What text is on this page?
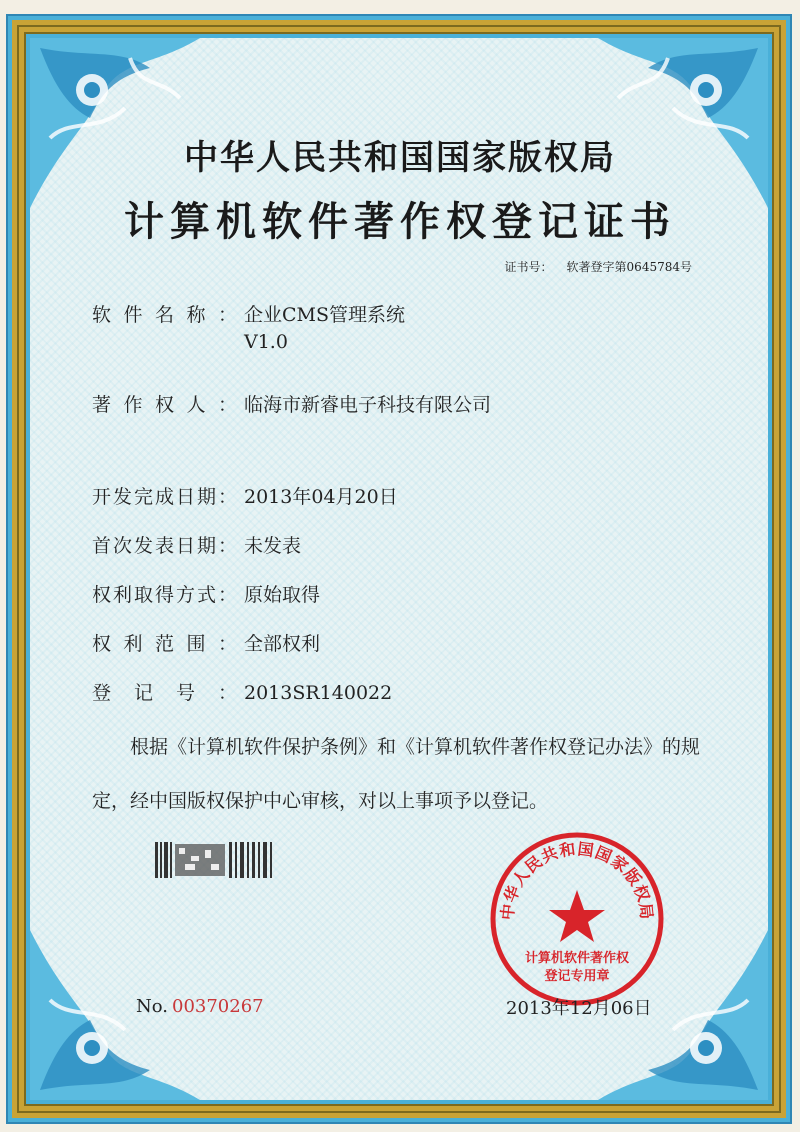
中华人民共和国国家版权局
计算机软件著作权登记证书
证书号： 软著登字第0645784号
软件名称： 企业CMS管理系统
V1.0
著作权人： 临海市新睿电子科技有限公司
开发完成日期： 2013年04月20日
首次发表日期： 未发表
权利取得方式： 原始取得
权利范围： 全部权利
登记号： 2013SR140022
根据《计算机软件保护条例》和《计算机软件著作权登记办法》的规定，经中国版权保护中心审核，对以上事项予以登记。
中华人民共和国国家版权局
计算机软件著作权
登记专用章
No. 00370267	2013年12月06日
